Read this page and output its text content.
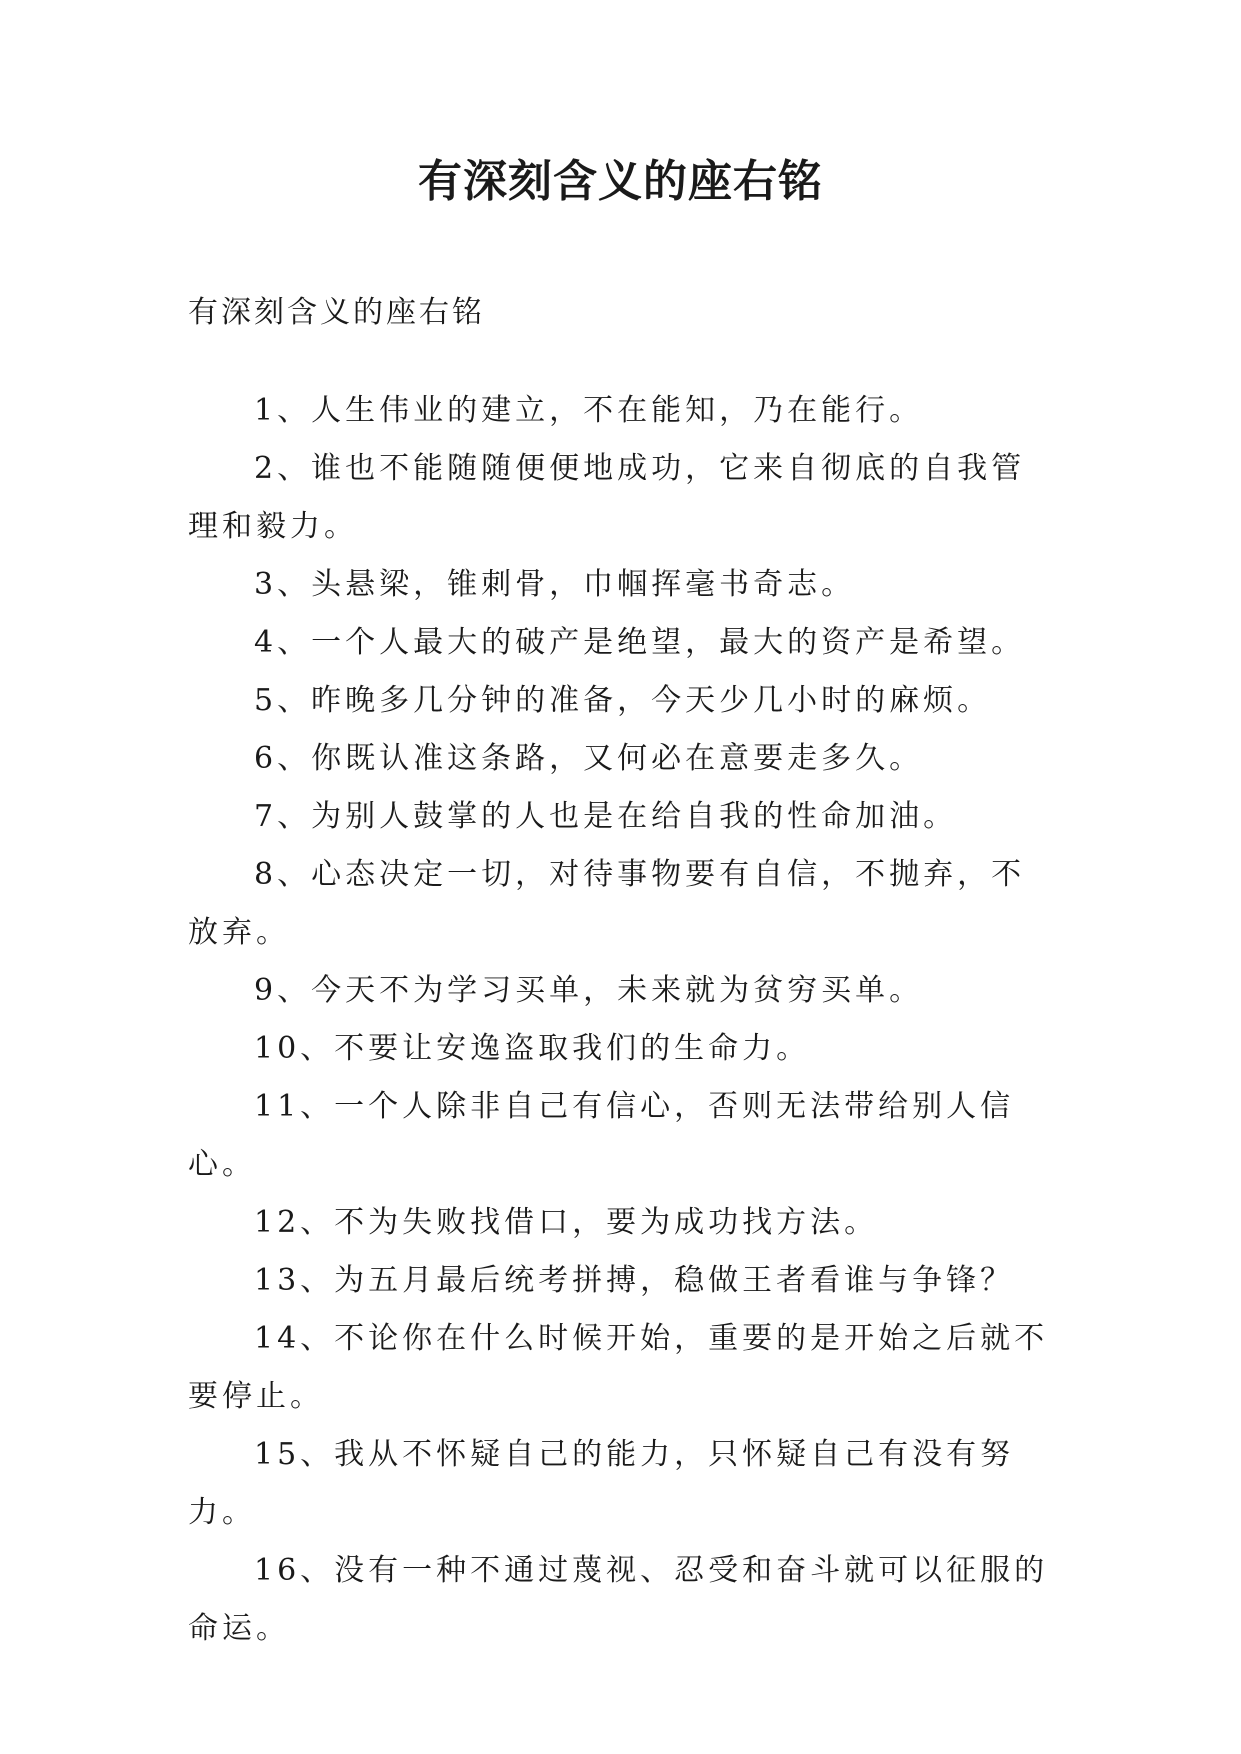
有深刻含义的座右铭

有深刻含义的座右铭

1、人生伟业的建立，不在能知，乃在能行。

2、谁也不能随随便便地成功，它来自彻底的自我管理和毅力。

3、头悬梁，锥刺骨，巾帼挥毫书奇志。

4、一个人最大的破产是绝望，最大的资产是希望。

5、昨晚多几分钟的准备，今天少几小时的麻烦。

6、你既认准这条路，又何必在意要走多久。

7、为别人鼓掌的人也是在给自我的性命加油。

8、心态决定一切，对待事物要有自信，不抛弃，不放弃。

9、今天不为学习买单，未来就为贫穷买单。

10、不要让安逸盗取我们的生命力。

11、一个人除非自己有信心，否则无法带给别人信心。

12、不为失败找借口，要为成功找方法。

13、为五月最后统考拼搏，稳做王者看谁与争锋？

14、不论你在什么时候开始，重要的是开始之后就不要停止。

15、我从不怀疑自己的能力，只怀疑自己有没有努力。

16、没有一种不通过蔑视、忍受和奋斗就可以征服的命运。
